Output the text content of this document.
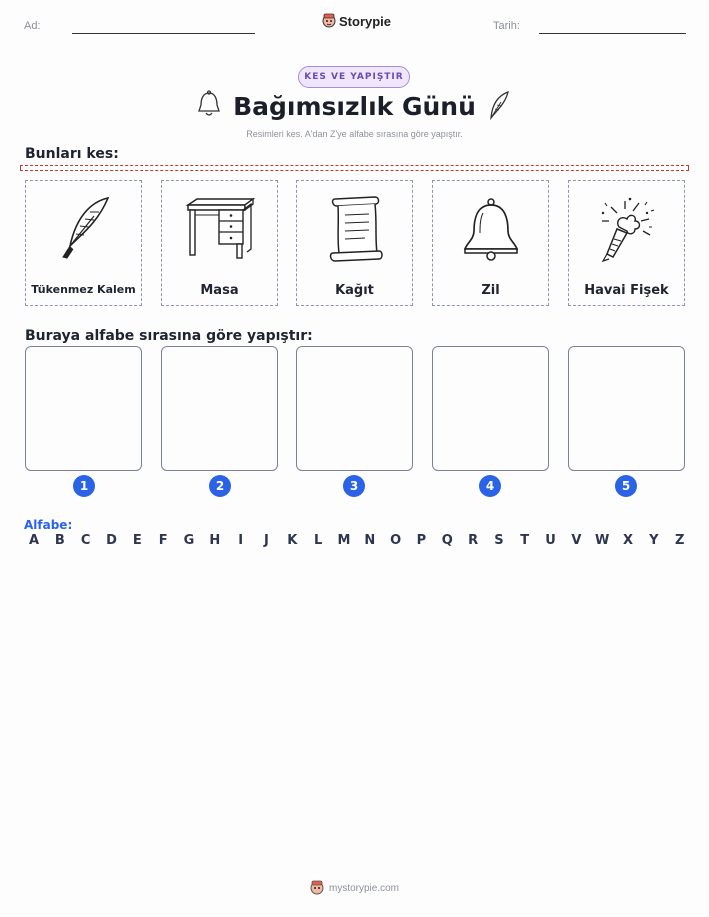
Ad:	Storypie	Tarih:
KES VE YAPIŞTIR
Bağımsızlık Günü
Resimleri kes. A'dan Z'ye alfabe sırasına göre yapıştır.
Bunları kes:
Tükenmez Kalem	Masa	Kağıt	Zil	Havai Fişek
Buraya alfabe sırasına göre yapıştır:
1	2	3	4	5
Alfabe:
A	B	C	D	E	F	G	H	I	J	K	L	M	N	O	P	Q	R	S	T	U	V	W	X	Y	Z
mystorypie.com
